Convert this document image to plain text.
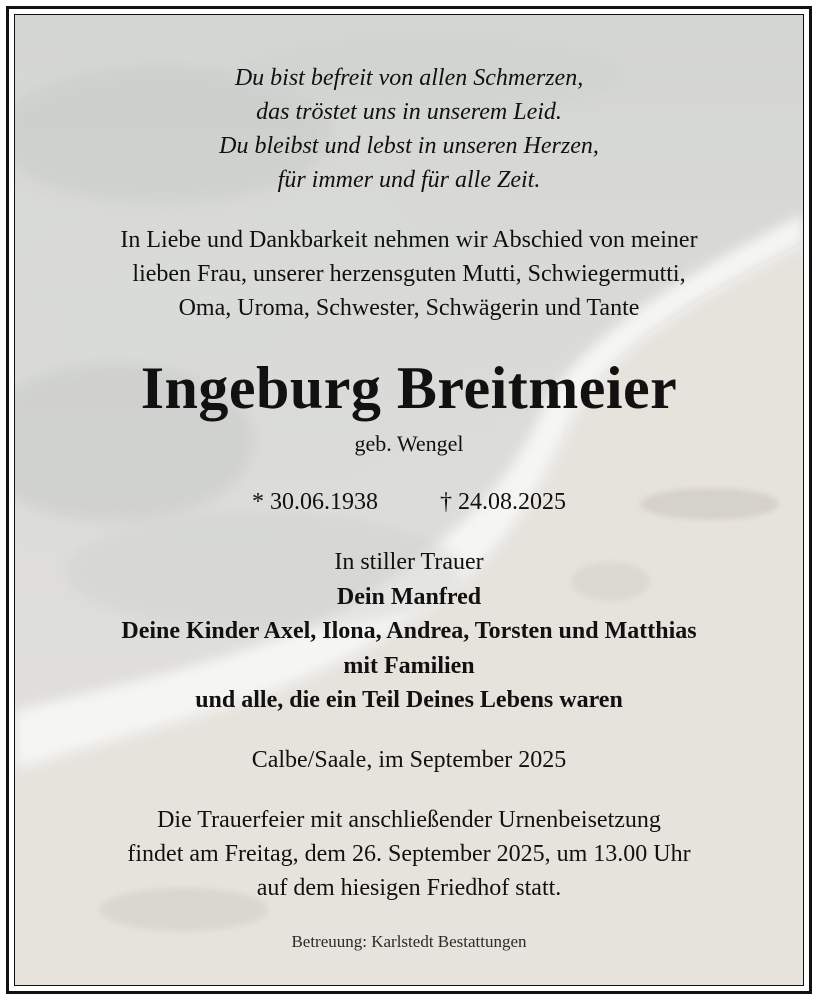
Du bist befreit von allen Schmerzen,
das tröstet uns in unserem Leid.
Du bleibst und lebst in unseren Herzen,
für immer und für alle Zeit.
In Liebe und Dankbarkeit nehmen wir Abschied von meiner
lieben Frau, unserer herzensguten Mutti, Schwiegermutti,
Oma, Uroma, Schwester, Schwägerin und Tante
Ingeburg Breitmeier
geb. Wengel
* 30.06.1938	† 24.08.2025
In stiller Trauer
Dein Manfred
Deine Kinder Axel, Ilona, Andrea, Torsten und Matthias
mit Familien
und alle, die ein Teil Deines Lebens waren
Calbe/Saale, im September 2025
Die Trauerfeier mit anschließender Urnenbeisetzung
findet am Freitag, dem 26. September 2025, um 13.00 Uhr
auf dem hiesigen Friedhof statt.
Betreuung: Karlstedt Bestattungen
